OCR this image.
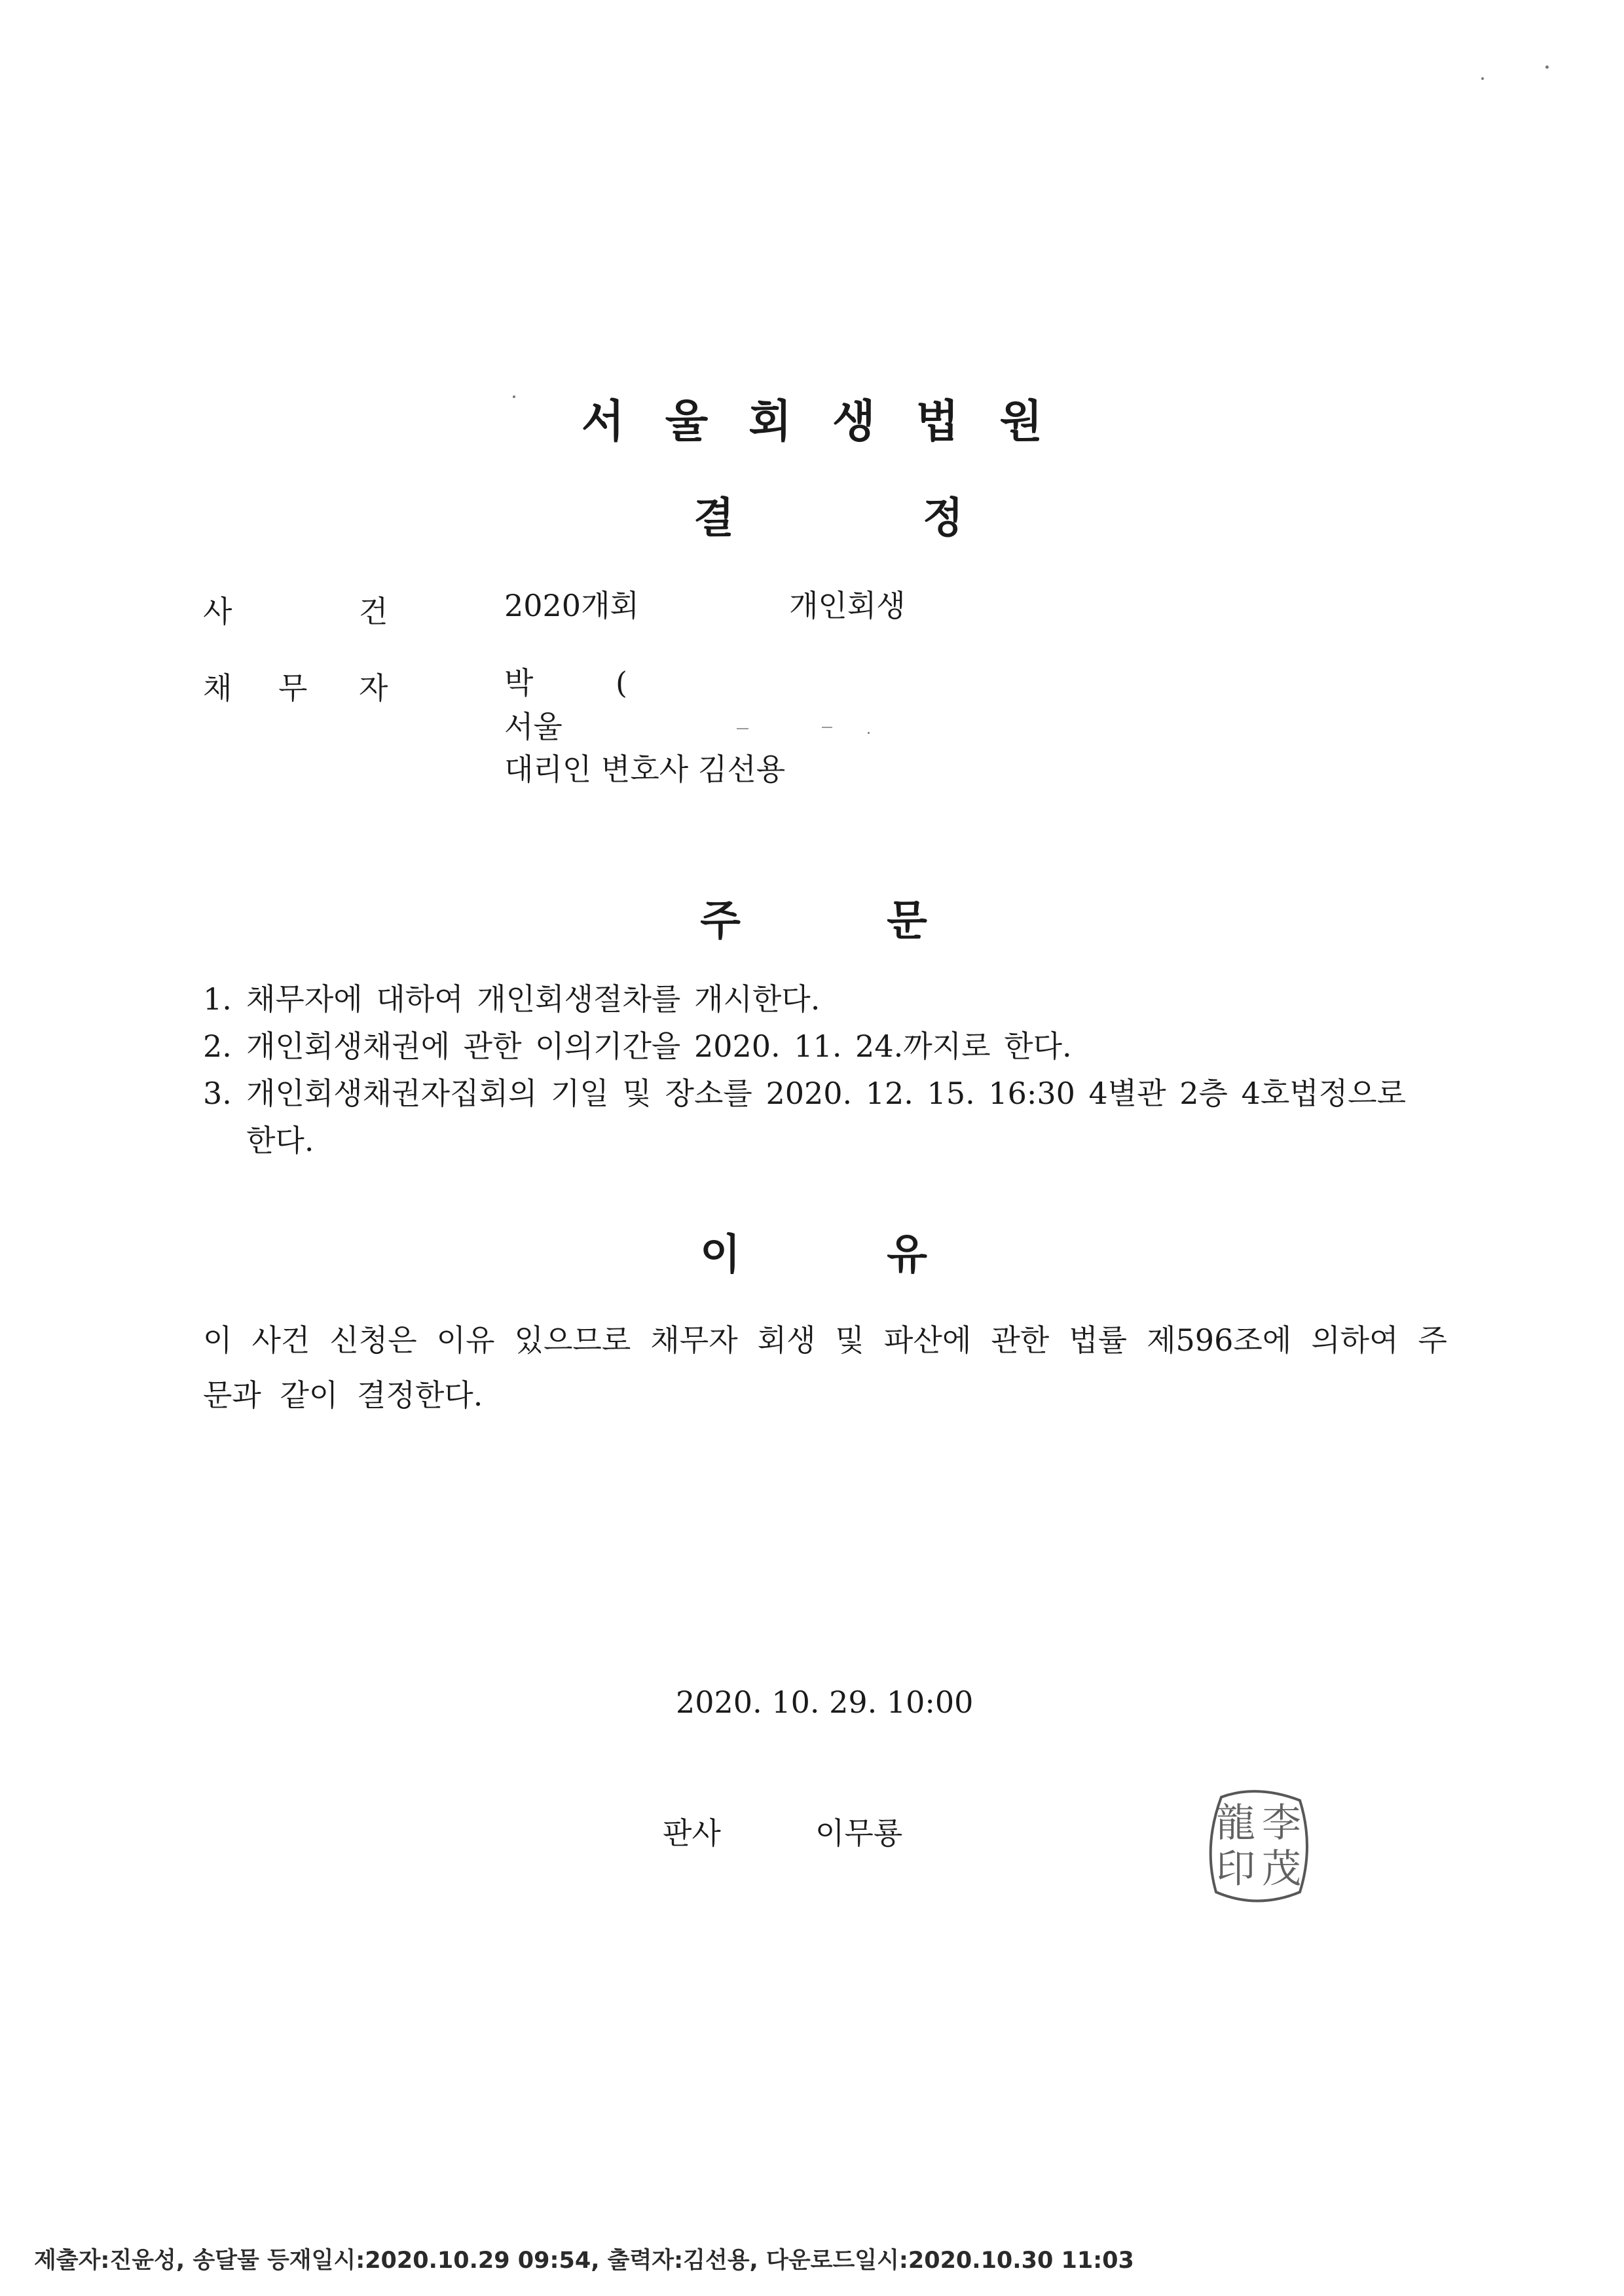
서울회생법원
결	정
사	건	2020개회	개인회생
채 무 자	박	(
서울
대리인 변호사 김선용
주	문
1. 채무자에 대하여 개인회생절차를 개시한다.
2. 개인회생채권에 관한 이의기간을 2020. 11. 24.까지로 한다.
3. 개인회생채권자집회의 기일 및 장소를 2020. 12. 15. 16:30 4별관 2층 4호법정으로 한다.
이	유
이 사건 신청은 이유 있으므로 채무자 회생 및 파산에 관한 법률 제596조에 의하여 주문과 같이 결정한다.
2020. 10. 29. 10:00
판사	이무룡	李
茂
龍
印
제출자:진윤성, 송달물 등재일시:2020.10.29 09:54, 출력자:김선용, 다운로드일시:2020.10.30 11:03
